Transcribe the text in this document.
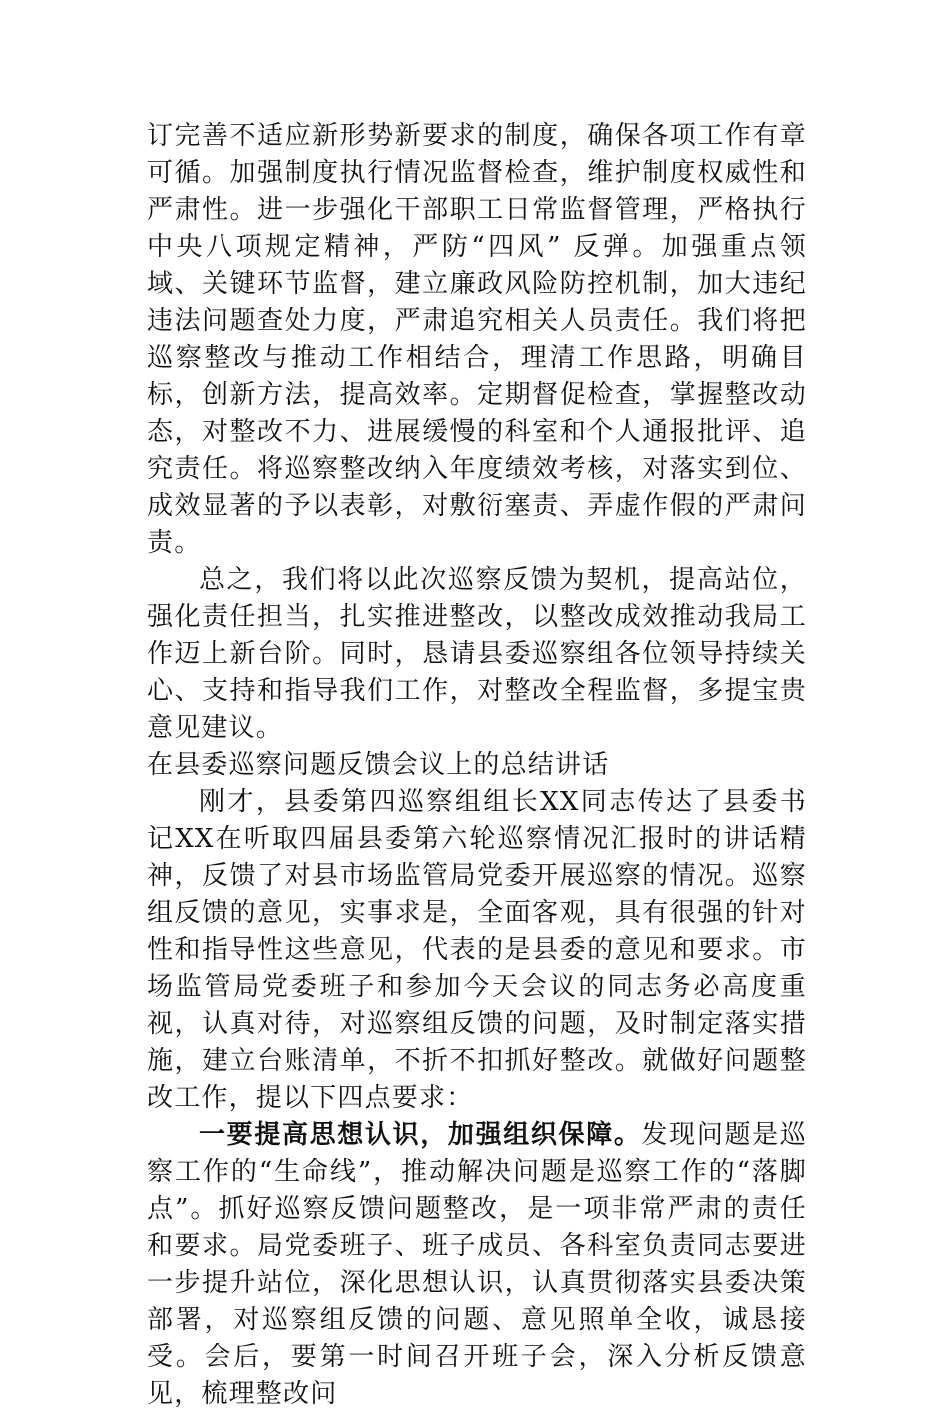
订完善不适应新形势新要求的制度，确保各项工作有章可循。加强制度执行情况监督检查，维护制度权威性和严肃性。进一步强化干部职工日常监督管理，严格执行中央八项规定精神，严防“四风” 反弹。加强重点领域、关键环节监督，建立廉政风险防控机制，加大违纪违法问题查处力度，严肃追究相关人员责任。我们将把巡察整改与推动工作相结合，理清工作思路，明确目标，创新方法，提高效率。定期督促检查，掌握整改动态，对整改不力、进展缓慢的科室和个人通报批评、追究责任。将巡察整改纳入年度绩效考核，对落实到位、成效显著的予以表彰，对敷衍塞责、弄虚作假的严肃问责。

总之，我们将以此次巡察反馈为契机，提高站位，强化责任担当，扎实推进整改，以整改成效推动我局工作迈上新台阶。同时，恳请县委巡察组各位领导持续关心、支持和指导我们工作，对整改全程监督，多提宝贵意见建议。

在县委巡察问题反馈会议上的总结讲话

刚才，县委第四巡察组组长XX同志传达了县委书记XX在听取四届县委第六轮巡察情况汇报时的讲话精神，反馈了对县市场监管局党委开展巡察的情况。巡察组反馈的意见，实事求是，全面客观，具有很强的针对性和指导性这些意见，代表的是县委的意见和要求。市场监管局党委班子和参加今天会议的同志务必高度重视，认真对待，对巡察组反馈的问题，及时制定落实措施，建立台账清单，不折不扣抓好整改。就做好问题整改工作，提以下四点要求：

一要提高思想认识，加强组织保障。发现问题是巡察工作的“生命线”，推动解决问题是巡察工作的“落脚点”。抓好巡察反馈问题整改，是一项非常严肃的责任和要求。局党委班子、班子成员、各科室负责同志要进一步提升站位，深化思想认识，认真贯彻落实县委决策部署，对巡察组反馈的问题、意见照单全收，诚恳接受。会后，要第一时间召开班子会，深入分析反馈意见，梳理整改问
